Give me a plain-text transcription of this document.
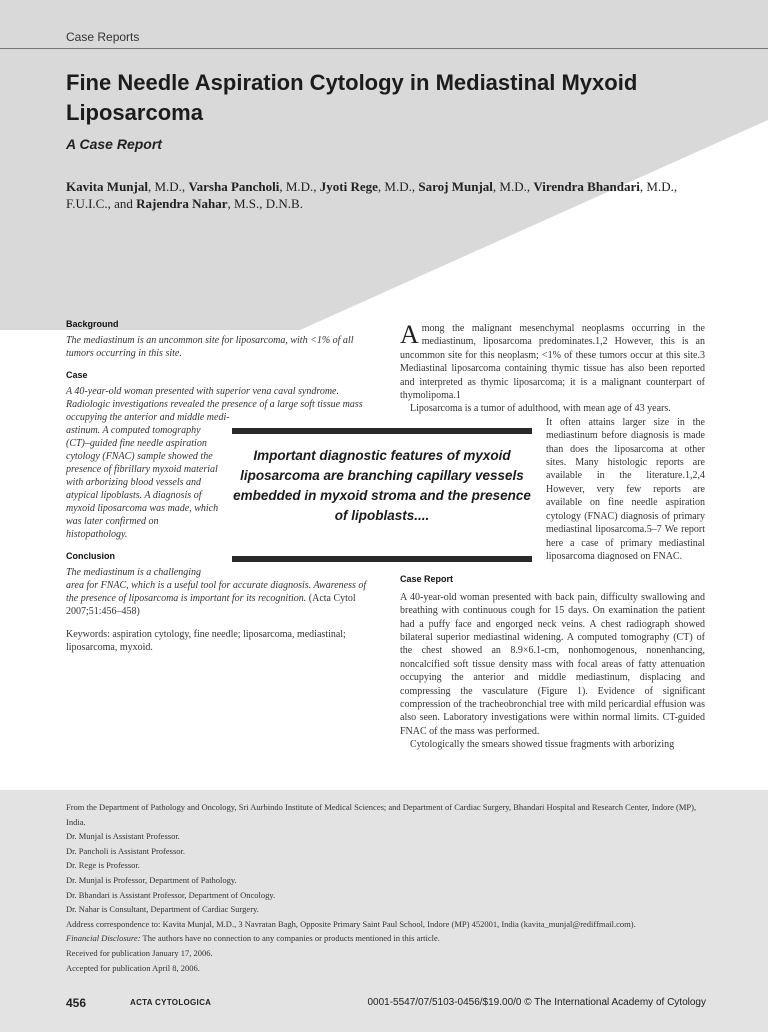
Case Reports
Fine Needle Aspiration Cytology in Mediastinal Myxoid Liposarcoma
A Case Report
Kavita Munjal, M.D., Varsha Pancholi, M.D., Jyoti Rege, M.D., Saroj Munjal, M.D., Virendra Bhandari, M.D., F.U.I.C., and Rajendra Nahar, M.S., D.N.B.
Background

The mediastinum is an uncommon site for liposarcoma, with <1% of all tumors occurring in this site.

Case

A 40-year-old woman presented with superior vena caval syndrome. Radiologic investigations revealed the presence of a large soft tissue mass occupying the anterior and middle medi-

astinum. A computed tomography (CT)–guided fine needle aspiration cytology (FNAC) sample showed the presence of fibrillary myxoid material with arborizing blood vessels and atypical lipoblasts. A diagnosis of myxoid liposarcoma was made, which was later confirmed on histopathology.

Conclusion

The mediastinum is a challenging

area for FNAC, which is a useful tool for accurate diagnosis. Awareness of the presence of liposarcoma is important for its recognition. (Acta Cytol 2007;51:456–458)

Keywords: aspiration cytology, fine needle; liposarcoma, mediastinal; liposarcoma, myxoid.

Among the malignant mesenchymal neoplasms occurring in the mediastinum, liposarcoma predominates.1,2 However, this is an uncommon site for this neoplasm; <1% of these tumors occur at this site.3 Mediastinal liposarcoma containing thymic tissue has also been reported and interpreted as thymic liposarcoma; it is a malignant counterpart of thymolipoma.1

Liposarcoma is a tumor of adulthood, with mean age of 43 years.

It often attains larger size in the mediastinum before diagnosis is made than does the liposarcoma at other sites. Many histologic reports are available in the literature.1,2,4 However, very few reports are available on fine needle aspiration cytology (FNAC) diagnosis of primary mediastinal liposarcoma.5–7 We report here a case of primary mediastinal liposarcoma diagnosed on FNAC.

Case Report

A 40-year-old woman presented with back pain, difficulty swallowing and breathing with continuous cough for 15 days. On examination the patient had a puffy face and engorged neck veins. A chest radiograph showed bilateral superior mediastinal widening. A computed tomography (CT) of the chest showed an 8.9×6.1-cm, nonhomogenous, nonenhancing, noncalcified soft tissue density mass with focal areas of fatty attenuation occupying the anterior and middle mediastinum, displacing and compressing the vasculature (Figure 1). Evidence of significant compression of the tracheobronchial tree with mild pericardial effusion was also seen. Laboratory investigations were within normal limits. CT-guided FNAC of the mass was performed.

Cytologically the smears showed tissue fragments with arborizing

Important diagnostic features of myxoid liposarcoma are branching capillary vessels embedded in myxoid stroma and the presence of lipoblasts....

From the Department of Pathology and Oncology, Sri Aurbindo Institute of Medical Sciences; and Department of Cardiac Surgery, Bhandari Hospital and Research Center, Indore (MP), India.

Dr. Munjal is Assistant Professor.

Dr. Pancholi is Assistant Professor.

Dr. Rege is Professor.

Dr. Munjal is Professor, Department of Pathology.

Dr. Bhandari is Assistant Professor, Department of Oncology.

Dr. Nahar is Consultant, Department of Cardiac Surgery.

Address correspondence to: Kavita Munjal, M.D., 3 Navratan Bagh, Opposite Primary Saint Paul School, Indore (MP) 452001, India (kavita_munjal@rediffmail.com).

Financial Disclosure: The authors have no connection to any companies or products mentioned in this article.

Received for publication January 17, 2006.

Accepted for publication April 8, 2006.

456	ACTA CYTOLOGICA	0001-5547/07/5103-0456/$19.00/0 © The International Academy of Cytology
